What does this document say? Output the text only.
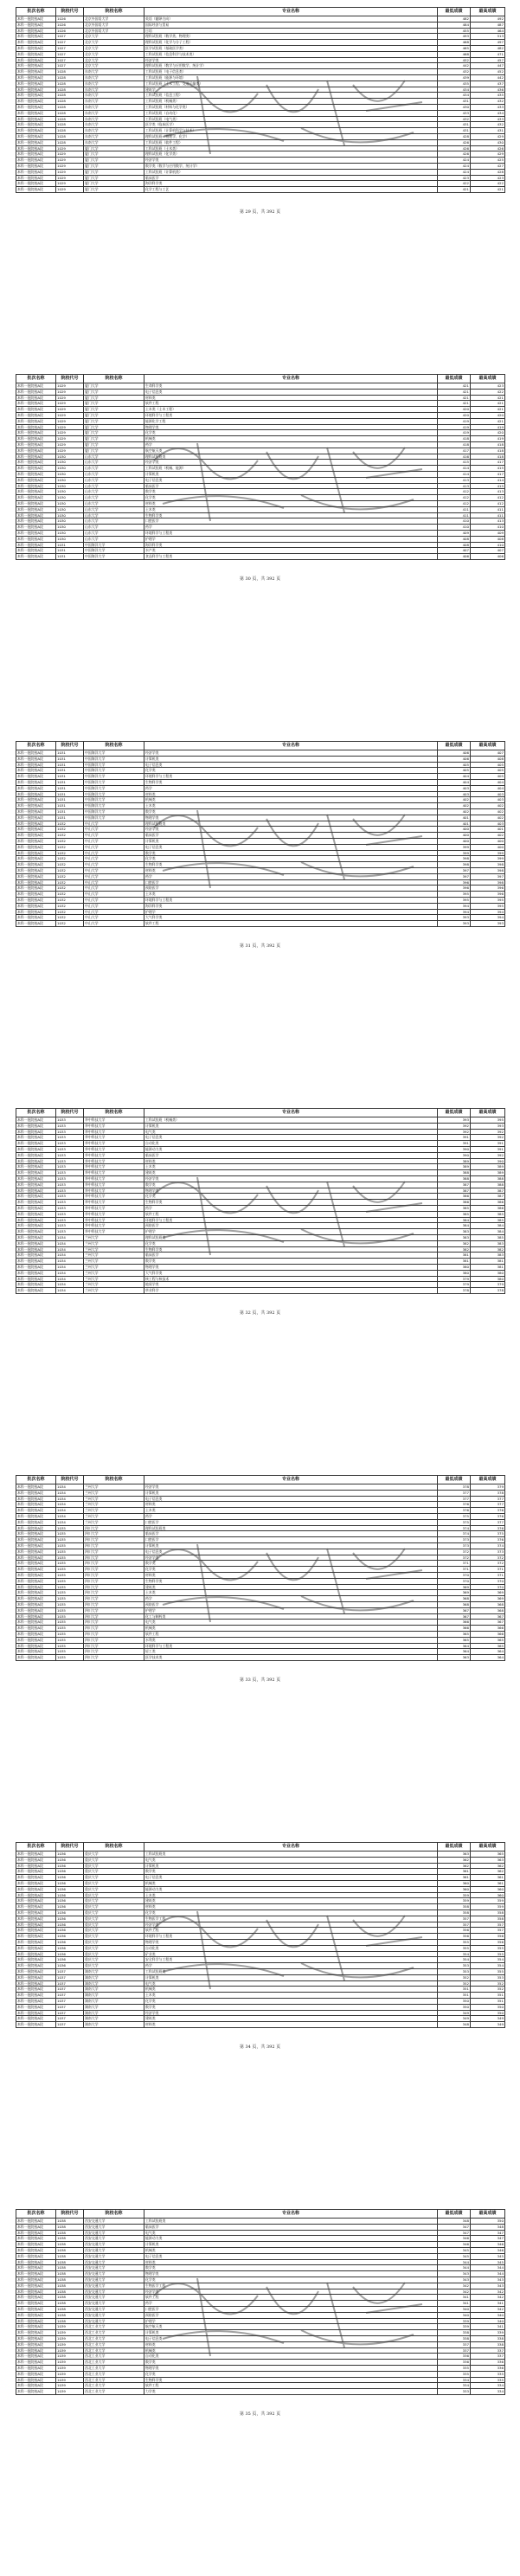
批次名称	院校代号	院校名称	专业名称	最低成绩	最高成绩
本科一批院校A段	1026	北京外国语大学	英语（翻译方向）	482	492
本科一批院校A段	1026	北京外国语大学	国际经济与贸易	484	487
本科一批院校A段	1026	北京外国语大学	日语	455	464
本科一批院校A段	1027	北京大学	理科试验班（数学类、物理类）	493	513
本科一批院校A段	1027	北京大学	理科试验班（化学与分子工程）	468	497
本科一批院校A段	1027	北京大学	医学试验班（基础医学类）	465	482
本科一批院校A段	1027	北京大学	工科试验班（信息科学与技术类）	468	471
本科一批院校A段	1027	北京大学	经济学类	452	457
本科一批院校A段	1027	北京大学	理科试验班（数学与应用数学、统计学）	442	447
本科一批院校A段	1028	东南大学	工科试验班（电子信息类）	432	452
本科一批院校A段	1028	东南大学	工科试验班（能源与环境）	439	442
本科一批院校A段	1028	东南大学	工科试验班（土木工程、交通运输类）	435	437
本科一批院校A段	1028	东南大学	建筑学	434	436
本科一批院校A段	1028	东南大学	工科试验班（信息工程）	434	435
本科一批院校A段	1028	东南大学	工科试验班（机械类）	431	432
本科一批院校A段	1028	东南大学	工科试验班（材料与化学类）	430	433
本科一批院校A段	1028	东南大学	工科试验班（自动化）	433	434
本科一批院校A段	1028	东南大学	工科试验班（电气类）	432	433
本科一批院校A段	1028	东南大学	医学类（临床医学）	431	432
本科一批院校A段	1028	东南大学	工科试验班（计算机科学与技术）	431	431
本科一批院校A段	1028	东南大学	理科试验班（物理学、化学）	428	429
本科一批院校A段	1028	东南大学	工科试验班（软件工程）	426	430
本科一批院校A段	1029	厦门大学	工科试验班（土木类）	426	426
本科一批院校A段	1029	厦门大学	理科试验班（化学类）	426	429
本科一批院校A段	1029	厦门大学	经济学类	424	425
本科一批院校A段	1029	厦门大学	数学类（数学与应用数学、统计学）	424	427
本科一批院校A段	1029	厦门大学	工科试验班（计算机类）	424	428
本科一批院校A段	1029	厦门大学	临床医学	423	423
本科一批院校A段	1029	厦门大学	海洋科学类	422	422
本科一批院校A段	1029	厦门大学	化学工程与工艺	421	421
第 29 页，共 392 页
批次名称	院校代号	院校名称	专业名称	最低成绩	最高成绩
本科一批院校A段	1029	厦门大学	生命科学类	421	423
本科一批院校A段	1029	厦门大学	电子信息类	421	422
本科一批院校A段	1029	厦门大学	材料类	421	421
本科一批院校A段	1029	厦门大学	软件工程	421	421
本科一批院校A段	1029	厦门大学	土木类（土木工程）	420	421
本科一批院校A段	1029	厦门大学	环境科学与工程类	420	420
本科一批院校A段	1029	厦门大学	能源化学工程	419	421
本科一批院校A段	1029	厦门大学	物理学类	419	419
本科一批院校A段	1029	厦门大学	化学类	419	420
本科一批院校A段	1029	厦门大学	机械类	418	419
本科一批院校A段	1029	厦门大学	药学	418	418
本科一批院校A段	1029	厦门大学	航空航天类	417	418
本科一批院校A段	1030	山东大学	理科试验班类	416	418
本科一批院校A段	1030	山东大学	经济学类	415	417
本科一批院校A段	1030	山东大学	工科试验班（机械、能源）	414	415
本科一批院校A段	1030	山东大学	计算机类	414	417
本科一批院校A段	1030	山东大学	电子信息类	413	414
本科一批院校A段	1030	山东大学	临床医学	413	415
本科一批院校A段	1030	山东大学	数学类	412	413
本科一批院校A段	1030	山东大学	化学类	412	412
本科一批院校A段	1030	山东大学	材料类	412	412
本科一批院校A段	1030	山东大学	土木类	411	411
本科一批院校A段	1030	山东大学	生物科学类	411	411
本科一批院校A段	1030	山东大学	口腔医学	410	413
本科一批院校A段	1030	山东大学	药学	410	410
本科一批院校A段	1030	山东大学	环境科学与工程类	409	409
本科一批院校A段	1030	山东大学	护理学	408	408
本科一批院校A段	1031	中国海洋大学	海洋科学类	408	410
本科一批院校A段	1031	中国海洋大学	水产类	407	407
本科一批院校A段	1031	中国海洋大学	食品科学与工程类	406	406
第 30 页，共 392 页
批次名称	院校代号	院校名称	专业名称	最低成绩	最高成绩
本科一批院校A段	1031	中国海洋大学	经济学类	406	407
本科一批院校A段	1031	中国海洋大学	计算机类	406	408
本科一批院校A段	1031	中国海洋大学	电子信息类	405	405
本科一批院校A段	1031	中国海洋大学	化学类	405	405
本科一批院校A段	1031	中国海洋大学	环境科学与工程类	404	405
本科一批院校A段	1031	中国海洋大学	生物科学类	404	404
本科一批院校A段	1031	中国海洋大学	药学	403	404
本科一批院校A段	1031	中国海洋大学	材料类	403	403
本科一批院校A段	1031	中国海洋大学	机械类	402	403
本科一批院校A段	1031	中国海洋大学	土木类	402	402
本科一批院校A段	1031	中国海洋大学	数学类	402	402
本科一批院校A段	1031	中国海洋大学	物理学类	401	402
本科一批院校A段	1032	中山大学	理科试验班类	401	403
本科一批院校A段	1032	中山大学	经济学类	400	401
本科一批院校A段	1032	中山大学	临床医学	400	402
本科一批院校A段	1032	中山大学	计算机类	400	400
本科一批院校A段	1032	中山大学	电子信息类	399	400
本科一批院校A段	1032	中山大学	数学类	399	399
本科一批院校A段	1032	中山大学	化学类	398	399
本科一批院校A段	1032	中山大学	生物科学类	398	398
本科一批院校A段	1032	中山大学	材料类	397	398
本科一批院校A段	1032	中山大学	药学	397	397
本科一批院校A段	1032	中山大学	口腔医学	396	398
本科一批院校A段	1032	中山大学	预防医学	396	396
本科一批院校A段	1032	中山大学	土木类	395	396
本科一批院校A段	1032	中山大学	环境科学与工程类	395	395
本科一批院校A段	1032	中山大学	海洋科学类	394	395
本科一批院校A段	1032	中山大学	护理学	394	394
本科一批院校A段	1032	中山大学	大气科学类	393	394
本科一批院校A段	1032	中山大学	软件工程	393	393
第 31 页，共 392 页
批次名称	院校代号	院校名称	专业名称	最低成绩	最高成绩
本科一批院校A段	1033	华中科技大学	工科试验班（机械类）	393	395
本科一批院校A段	1033	华中科技大学	计算机类	392	393
本科一批院校A段	1033	华中科技大学	电气类	392	392
本科一批院校A段	1033	华中科技大学	电子信息类	391	392
本科一批院校A段	1033	华中科技大学	自动化类	391	391
本科一批院校A段	1033	华中科技大学	能源动力类	390	391
本科一批院校A段	1033	华中科技大学	临床医学	390	392
本科一批院校A段	1033	华中科技大学	材料类	389	390
本科一批院校A段	1033	华中科技大学	土木类	389	389
本科一批院校A段	1033	华中科技大学	建筑类	388	389
本科一批院校A段	1033	华中科技大学	经济学类	388	388
本科一批院校A段	1033	华中科技大学	数学类	387	388
本科一批院校A段	1033	华中科技大学	物理学类	387	387
本科一批院校A段	1033	华中科技大学	化学类	386	387
本科一批院校A段	1033	华中科技大学	生物科学类	386	386
本科一批院校A段	1033	华中科技大学	药学	385	386
本科一批院校A段	1033	华中科技大学	软件工程	385	385
本科一批院校A段	1033	华中科技大学	环境科学与工程类	384	385
本科一批院校A段	1033	华中科技大学	预防医学	384	384
本科一批院校A段	1033	华中科技大学	护理学	383	384
本科一批院校A段	1034	兰州大学	理科试验班类	383	385
本科一批院校A段	1034	兰州大学	化学类	382	383
本科一批院校A段	1034	兰州大学	生物科学类	382	382
本科一批院校A段	1034	兰州大学	临床医学	381	383
本科一批院校A段	1034	兰州大学	数学类	381	381
本科一批院校A段	1034	兰州大学	物理学类	380	381
本科一批院校A段	1034	兰州大学	大气科学类	380	380
本科一批院校A段	1034	兰州大学	核工程与核技术	379	380
本科一批院校A段	1034	兰州大学	地质学类	379	379
本科一批院校A段	1034	兰州大学	草业科学	378	378
第 32 页，共 392 页
批次名称	院校代号	院校名称	专业名称	最低成绩	最高成绩
本科一批院校A段	1034	兰州大学	经济学类	378	379
本科一批院校A段	1034	兰州大学	计算机类	377	378
本科一批院校A段	1034	兰州大学	电子信息类	377	377
本科一批院校A段	1034	兰州大学	材料类	376	377
本科一批院校A段	1034	兰州大学	土木类	376	376
本科一批院校A段	1034	兰州大学	药学	375	376
本科一批院校A段	1034	兰州大学	口腔医学	375	377
本科一批院校A段	1035	四川大学	理科试验班类	374	376
本科一批院校A段	1035	四川大学	临床医学	374	375
本科一批院校A段	1035	四川大学	口腔医学	373	376
本科一批院校A段	1035	四川大学	计算机类	373	374
本科一批院校A段	1035	四川大学	电子信息类	372	373
本科一批院校A段	1035	四川大学	经济学类	372	372
本科一批院校A段	1035	四川大学	数学类	371	372
本科一批院校A段	1035	四川大学	化学类	371	371
本科一批院校A段	1035	四川大学	材料类	370	371
本科一批院校A段	1035	四川大学	生物科学类	370	370
本科一批院校A段	1035	四川大学	建筑类	369	370
本科一批院校A段	1035	四川大学	土木类	369	369
本科一批院校A段	1035	四川大学	药学	368	369
本科一批院校A段	1035	四川大学	预防医学	368	368
本科一批院校A段	1035	四川大学	护理学	367	368
本科一批院校A段	1035	四川大学	化工与制药类	367	367
本科一批院校A段	1035	四川大学	电气类	366	367
本科一批院校A段	1035	四川大学	机械类	366	366
本科一批院校A段	1035	四川大学	软件工程	365	366
本科一批院校A段	1035	四川大学	水利类	365	365
本科一批院校A段	1035	四川大学	环境科学与工程类	364	365
本科一批院校A段	1035	四川大学	轻工类	364	364
本科一批院校A段	1035	四川大学	医学技术类	363	364
第 33 页，共 392 页
批次名称	院校代号	院校名称	专业名称	最低成绩	最高成绩
本科一批院校A段	1036	重庆大学	工科试验班类	363	365
本科一批院校A段	1036	重庆大学	电气类	362	363
本科一批院校A段	1036	重庆大学	计算机类	362	362
本科一批院校A段	1036	重庆大学	数学类	361	362
本科一批院校A段	1036	重庆大学	电子信息类	361	361
本科一批院校A段	1036	重庆大学	机械类	360	361
本科一批院校A段	1036	重庆大学	能源动力类	360	360
本科一批院校A段	1036	重庆大学	土木类	359	360
本科一批院校A段	1036	重庆大学	建筑类	359	359
本科一批院校A段	1036	重庆大学	材料类	358	359
本科一批院校A段	1036	重庆大学	化学类	358	358
本科一批院校A段	1036	重庆大学	生物医学工程	357	358
本科一批院校A段	1036	重庆大学	经济学类	357	357
本科一批院校A段	1036	重庆大学	软件工程	356	357
本科一批院校A段	1036	重庆大学	环境科学与工程类	356	356
本科一批院校A段	1036	重庆大学	物理学类	355	356
本科一批院校A段	1036	重庆大学	自动化类	355	355
本科一批院校A段	1036	重庆大学	矿业类	354	355
本科一批院校A段	1036	重庆大学	安全科学与工程类	354	354
本科一批院校A段	1036	重庆大学	药学	353	354
本科一批院校A段	1037	湖南大学	工科试验班类	353	355
本科一批院校A段	1037	湖南大学	计算机类	352	353
本科一批院校A段	1037	湖南大学	电气类	352	352
本科一批院校A段	1037	湖南大学	机械类	351	352
本科一批院校A段	1037	湖南大学	土木类	351	351
本科一批院校A段	1037	湖南大学	化学类	350	351
本科一批院校A段	1037	湖南大学	数学类	350	350
本科一批院校A段	1037	湖南大学	经济学类	349	350
本科一批院校A段	1037	湖南大学	建筑类	349	349
本科一批院校A段	1037	湖南大学	材料类	348	349
第 34 页，共 392 页
批次名称	院校代号	院校名称	专业名称	最低成绩	最高成绩
本科一批院校A段	1038	西安交通大学	工科试验班类	348	350
本科一批院校A段	1038	西安交通大学	临床医学	347	348
本科一批院校A段	1038	西安交通大学	电气类	347	347
本科一批院校A段	1038	西安交通大学	能源动力类	346	347
本科一批院校A段	1038	西安交通大学	计算机类	346	346
本科一批院校A段	1038	西安交通大学	机械类	345	346
本科一批院校A段	1038	西安交通大学	电子信息类	345	345
本科一批院校A段	1038	西安交通大学	材料类	344	345
本科一批院校A段	1038	西安交通大学	数学类	344	344
本科一批院校A段	1038	西安交通大学	物理学类	343	344
本科一批院校A段	1038	西安交通大学	化学类	343	343
本科一批院校A段	1038	西安交通大学	生物医学工程	342	343
本科一批院校A段	1038	西安交通大学	经济学类	342	342
本科一批院校A段	1038	西安交通大学	软件工程	341	342
本科一批院校A段	1038	西安交通大学	药学	341	341
本科一批院校A段	1038	西安交通大学	口腔医学	340	342
本科一批院校A段	1038	西安交通大学	预防医学	340	340
本科一批院校A段	1038	西安交通大学	护理学	339	340
本科一批院校A段	1039	西北工业大学	航空航天类	339	341
本科一批院校A段	1039	西北工业大学	计算机类	338	339
本科一批院校A段	1039	西北工业大学	电子信息类	338	338
本科一批院校A段	1039	西北工业大学	材料类	337	338
本科一批院校A段	1039	西北工业大学	机械类	337	337
本科一批院校A段	1039	西北工业大学	自动化类	336	337
本科一批院校A段	1039	西北工业大学	数学类	336	336
本科一批院校A段	1039	西北工业大学	物理学类	335	336
本科一批院校A段	1039	西北工业大学	化学类	335	335
本科一批院校A段	1039	西北工业大学	生物科学类	334	335
本科一批院校A段	1039	西北工业大学	软件工程	334	334
本科一批院校A段	1039	西北工业大学	力学类	333	334
第 35 页，共 392 页
